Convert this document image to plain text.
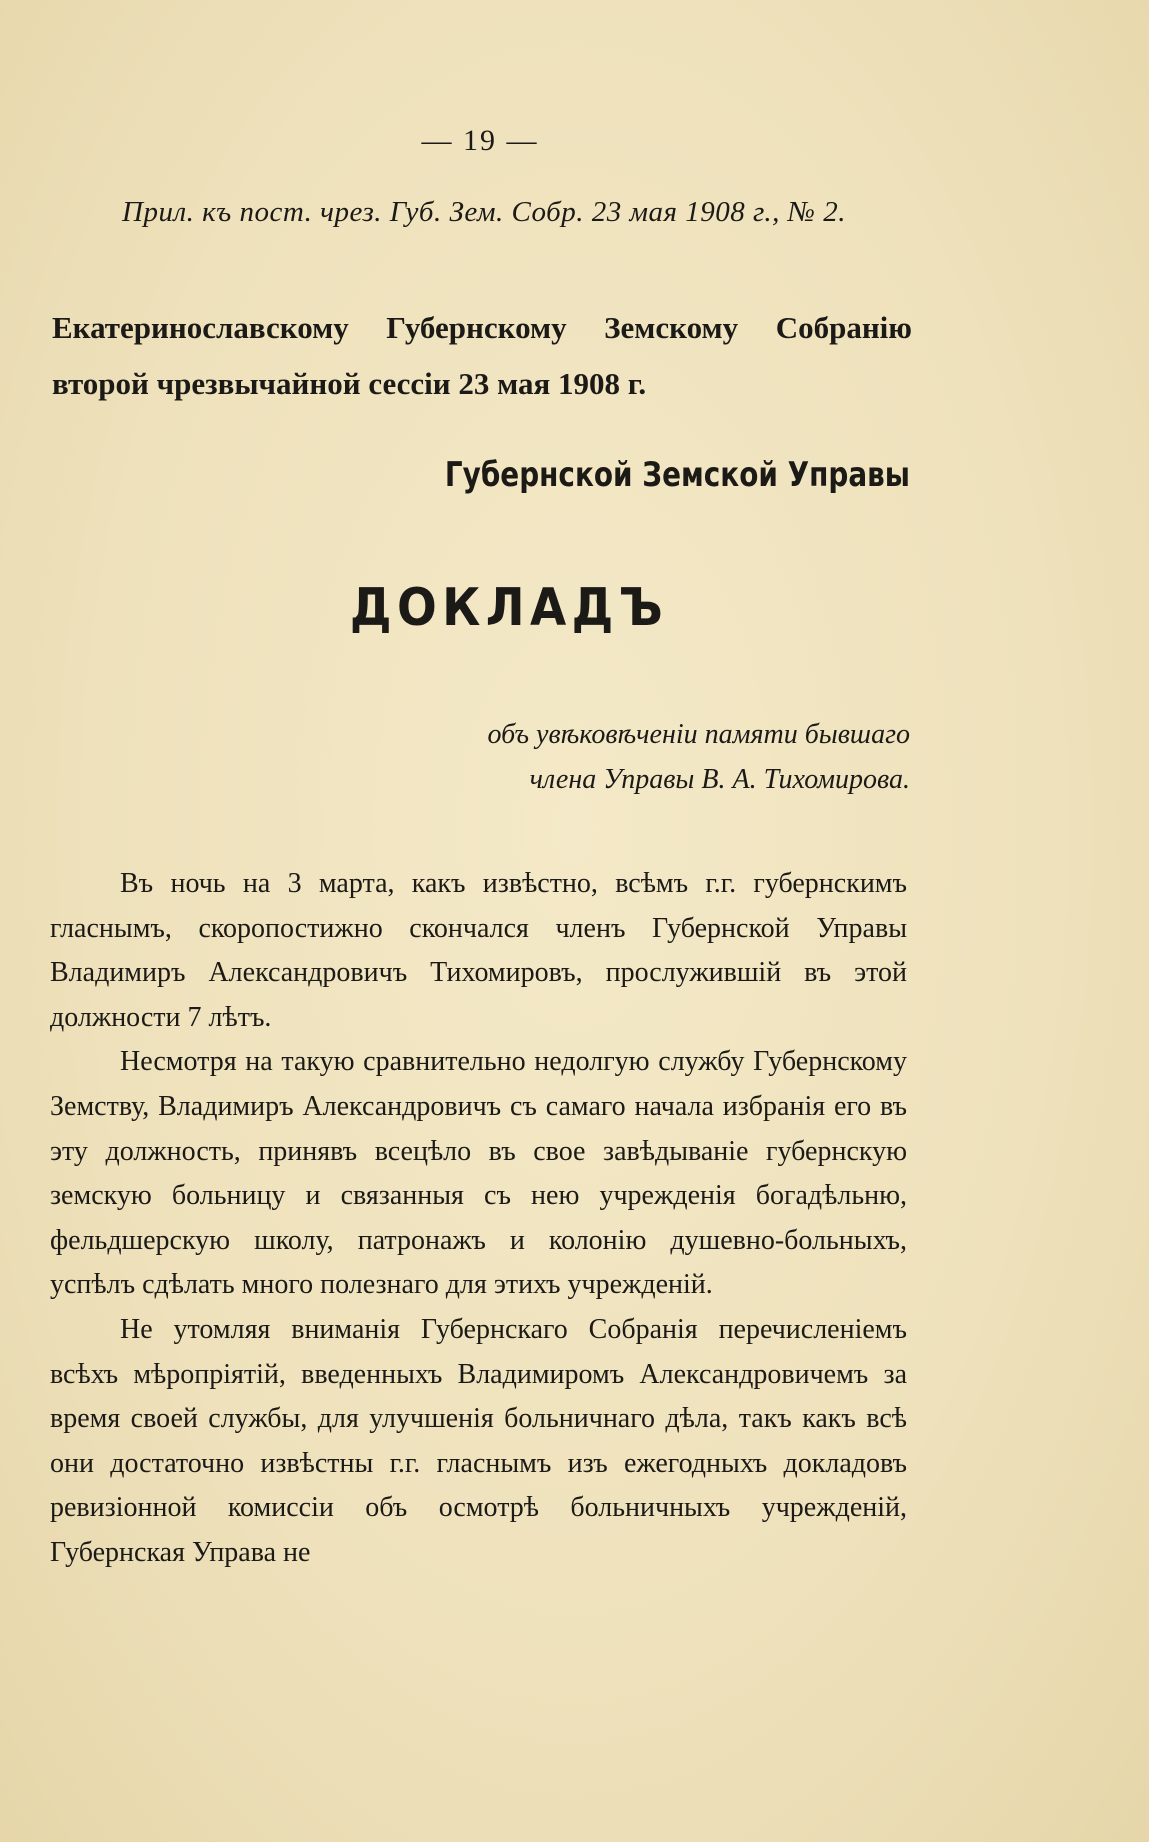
— 19 —
Прил. къ пост. чрез. Губ. Зем. Собр. 23 мая 1908 г., № 2.
Екатеринославскому Губернскому Земскому Собранію второй чрезвычайной сессіи 23 мая 1908 г.
Губернской Земской Управы
ДОКЛАДЪ
объ увѣковѣченіи памяти бывшаго
члена Управы В. А. Тихомирова.

Въ ночь на 3 марта, какъ извѣстно, всѣмъ г.г. губернскимъ гласнымъ, скоропостижно скончался членъ Губернской Управы Владимиръ Александровичъ Тихомировъ, прослужившій въ этой должности 7 лѣтъ.

Несмотря на такую сравнительно недолгую службу Губернскому Земству, Владимиръ Александровичъ съ самаго начала избранія его въ эту должность, принявъ всецѣло въ свое завѣдываніе губернскую земскую больницу и связанныя съ нею учрежденія богадѣльню, фельдшерскую школу, патронажъ и колонію душевно-больныхъ, успѣлъ сдѣлать много полезнаго для этихъ учрежденій.

Не утомляя вниманія Губернскаго Собранія перечисленіемъ всѣхъ мѣропріятій, введенныхъ Владимиромъ Александровичемъ за время своей службы, для улучшенія больничнаго дѣла, такъ какъ всѣ они достаточно извѣстны г.г. гласнымъ изъ ежегодныхъ докладовъ ревизіонной комиссіи объ осмотрѣ больничныхъ учрежденій, Губернская Управа не
